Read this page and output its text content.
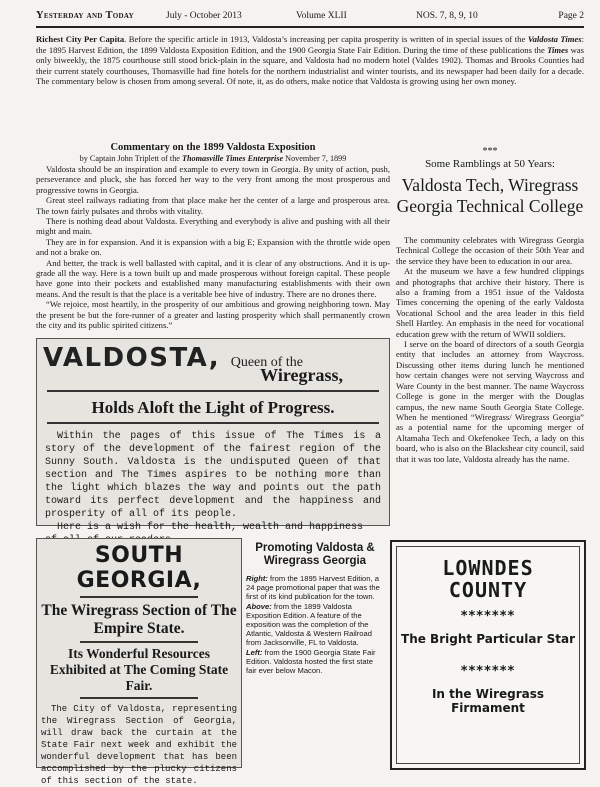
Yesterday and Today	July - October 2013	Volume XLII	NOS. 7, 8, 9, 10	Page 2
Richest City Per Capita. Before the specific article in 1913, Valdosta’s increasing per capita prosperity is written of in special issues of the Valdosta Times: the 1895 Harvest Edition, the 1899 Valdosta Exposition Edition, and the 1900 Georgia State Fair Edition. During the time of these publications the Times was only biweekly, the 1875 courthouse still stood brick-plain in the square, and Valdosta had no modern hotel (Valdes 1902). Thomas and Brooks Counties had their current stately courthouses, Thomasville had fine hotels for the northern industrialist and winter tourists, and its newspaper had been daily for a decade. The commentary below is chosen from among several. Of note, it, as do others, make notice that Valdosta is growing using her own money.
Commentary on the 1899 Valdosta Exposition
by Captain John Triplett of the Thomasville Times Enterprise November 7, 1899

Valdosta should be an inspiration and example to every town in Georgia. By unity of action, push, perseverance and pluck, she has forced her way to the very front among the most prosperous and progressive towns in Georgia.

Great steel railways radiating from that place make her the center of a large and prosperous area. The town fairly pulsates and throbs with vitality.

There is nothing dead about Valdosta. Everything and everybody is alive and pushing with all their might and main.

They are in for expansion. And it is expansion with a big E; Expansion with the throttle wide open and not a brake on.

And better, the track is well ballasted with capital, and it is clear of any obstructions. And it is up-grade all the way. Here is a town built up and made prosperous without foreign capital. These people have gone into their pockets and established many manufacturing establishments with their own means. And the result is that the place is a veritable bee hive of industry. There are no drones there.

“We rejoice, most heartily, in the prosperity of our ambitious and growing neighboring town. May the present be but the fore-runner of a greater and lasting prosperity which shall permanently crown the city and its public spirited citizens.”

***
Some Ramblings at 50 Years:
Valdosta Tech, Wiregrass Georgia Technical College

The community celebrates with Wiregrass Georgia Technical College the occasion of their 50th Year and the service they have been to education in our area.

At the museum we have a few hundred clippings and photographs that archive their history. There is also a framing from a 1951 issue of the Valdosta Times concerning the opening of the early Valdosta Vocational School and the area leader in this field Shell Hartley. An emphasis in the need for vocational education grew with the return of WWII soldiers.

I serve on the board of directors of a south Georgia entity that includes an attorney from Waycross. Discussing other items during lunch he mentioned how certain changes were not serving Waycross and Ware County in the best manner. The name Waycross College is gone in the merger with the Douglas campus, the new name South Georgia State College. When he mentioned “Wiregrass/ Wiregrass Georgia” as a potential name for the upcoming merger of Altamaha Tech and Okefenokee Tech, a lady on this board, who is also on the Blackshear city council, said that it was too late, Valdosta already has the name.

VALDOSTA, Queen of the
Wiregrass,
Holds Aloft the Light of Progress.
Within the pages of this issue of The Times is a story of the development of the fairest region of the Sunny South. Valdosta is the undisputed Queen of that section and The Times aspires to be nothing more than the light which blazes the way and points out the path toward its perfect development and the happiness and prosperity of all of its people.
Here is a wish for the health, wealth and happiness
SOUTH GEORGIA,
The Wiregrass Section of The Empire State.
Its Wonderful Resources Exhibited at The Coming State Fair.
The City of Valdosta, representing the Wiregrass Section of Georgia, will draw back the curtain at the State Fair next week and exhibit the wonderful development that has been accomplished by the plucky citizens of this section of the state.
Promoting Valdosta & Wiregrass Georgia

Right: from the 1895 Harvest Edition, a 24 page promotional paper that was the first of its kind publication for the town.

Above: from the 1899 Valdosta Exposition Edition. A feature of the exposition was the completion of the Atlantic, Valdosta & Western Railroad from Jacksonville, FL to Valdosta.

Left: from the 1900 Georgia State Fair Edition. Valdosta hosted the first state fair ever below Macon.

LOWNDES COUNTY
*******
The Bright Particular Star
*******
In the Wiregrass Firmament
